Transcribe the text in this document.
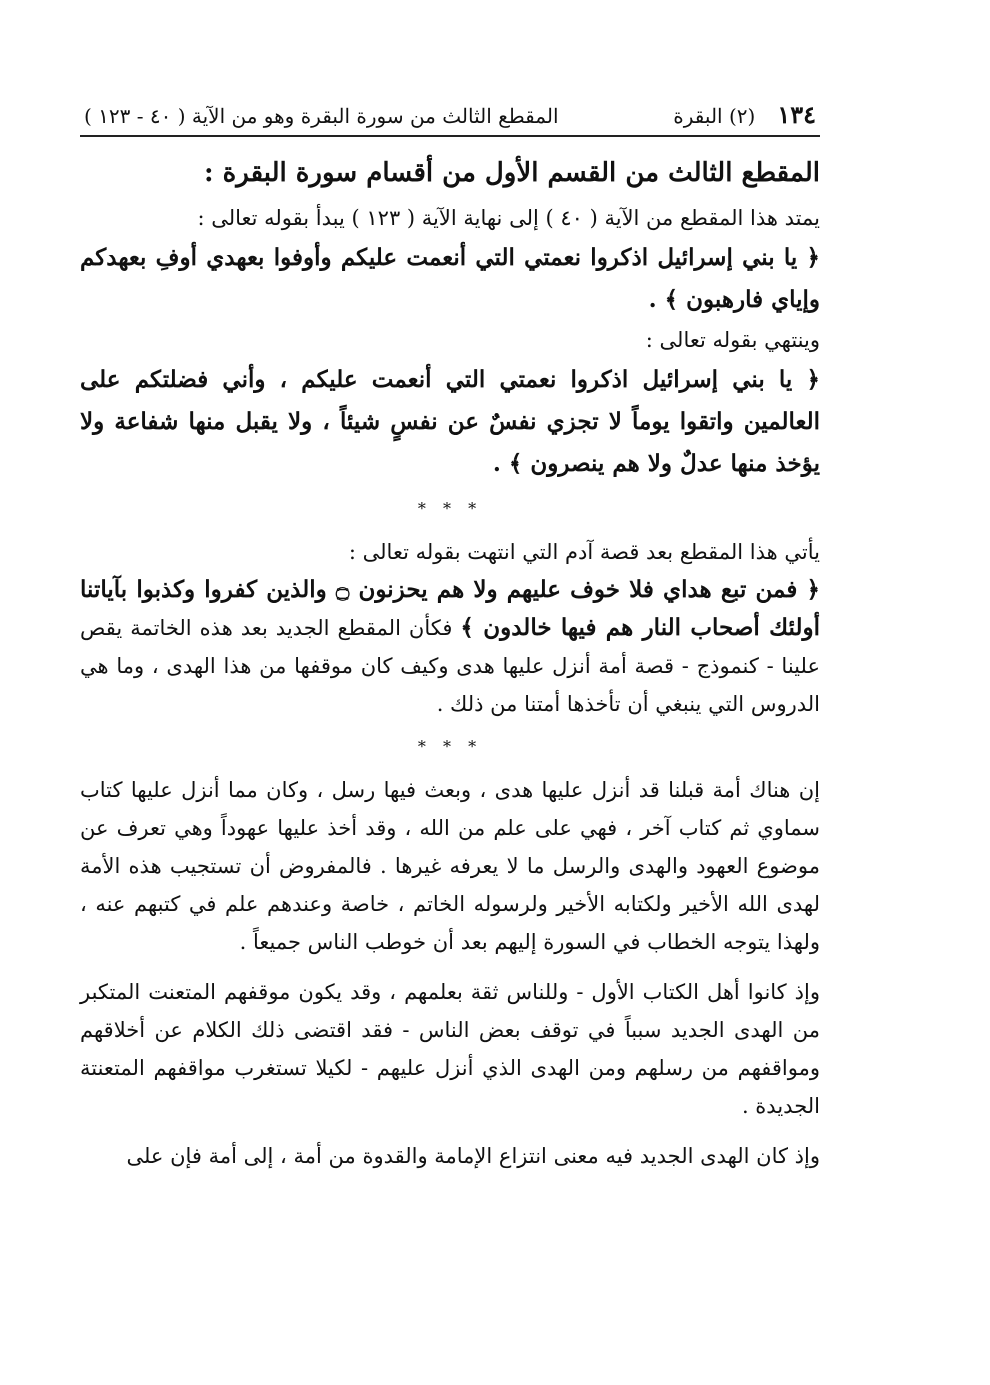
١٣٤
(٢) البقرة
المقطع الثالث من سورة البقرة وهو من الآية ( ٤٠ - ١٢٣ )
المقطع الثالث من القسم الأول من أقسام سورة البقرة :

يمتد هذا المقطع من الآية ( ٤٠ ) إلى نهاية الآية ( ١٢٣ ) يبدأ بقوله تعالى :

﴿ يا بني إسرائيل اذكروا نعمتي التي أنعمت عليكم وأوفوا بعهدي أوفِ بعهدكم وإياي فارهبون ﴾ .

وينتهي بقوله تعالى :

﴿ يا بني إسرائيل اذكروا نعمتي التي أنعمت عليكم ، وأني فضلتكم على العالمين واتقوا يوماً لا تجزي نفسٌ عن نفسٍ شيئاً ، ولا يقبل منها شفاعة ولا يؤخذ منها عدلٌ ولا هم ينصرون ﴾ .

* * *

يأتي هذا المقطع بعد قصة آدم التي انتهت بقوله تعالى :

﴿ فمن تبع هداي فلا خوف عليهم ولا هم يحزنون ۝ والذين كفروا وكذبوا بآياتنا أولئك أصحاب النار هم فيها خالدون ﴾ فكأن المقطع الجديد بعد هذه الخاتمة يقص علينا - كنموذج - قصة أمة أنزل عليها هدى وكيف كان موقفها من هذا الهدى ، وما هي الدروس التي ينبغي أن تأخذها أمتنا من ذلك .

* * *

إن هناك أمة قبلنا قد أنزل عليها هدى ، وبعث فيها رسل ، وكان مما أنزل عليها كتاب سماوي ثم كتاب آخر ، فهي على علم من الله ، وقد أخذ عليها عهوداً وهي تعرف عن موضوع العهود والهدى والرسل ما لا يعرفه غيرها . فالمفروض أن تستجيب هذه الأمة لهدى الله الأخير ولكتابه الأخير ولرسوله الخاتم ، خاصة وعندهم علم في كتبهم عنه ، ولهذا يتوجه الخطاب في السورة إليهم بعد أن خوطب الناس جميعاً .

وإذ كانوا أهل الكتاب الأول - وللناس ثقة بعلمهم ، وقد يكون موقفهم المتعنت المتكبر من الهدى الجديد سبباً في توقف بعض الناس - فقد اقتضى ذلك الكلام عن أخلاقهم ومواقفهم من رسلهم ومن الهدى الذي أنزل عليهم - لكيلا تستغرب مواقفهم المتعنتة الجديدة .

وإذ كان الهدى الجديد فيه معنى انتزاع الإمامة والقدوة من أمة ، إلى أمة فإن على
